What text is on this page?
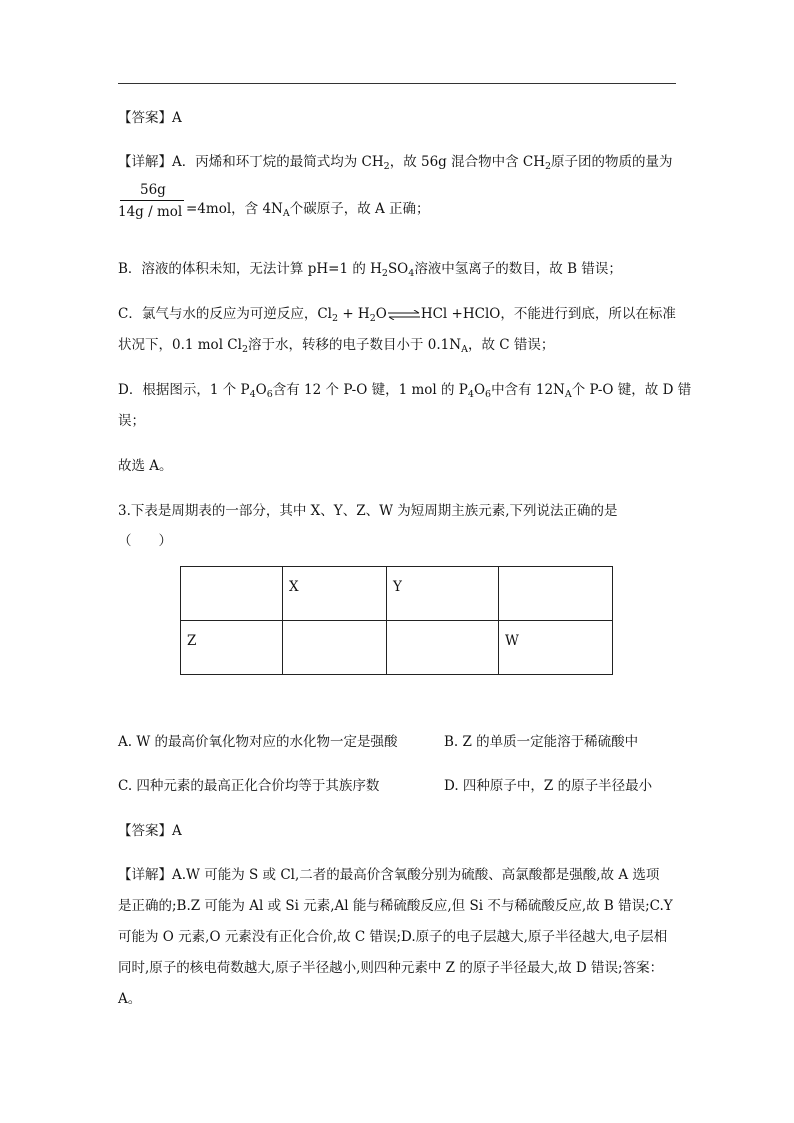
【答案】A
【详解】A．丙烯和环丁烷的最简式均为 $CH_2$，故 56g 混合物中含 $CH_2$原子团的物质的量为
56g
14g / mol =4mol，含 $4N_A$个碳原子，故 A 正确；
B．溶液的体积未知，无法计算 pH=1 的 $H_2SO_4$溶液中氢离子的数目，故 B 错误；
C．氯气与水的反应为可逆反应，$Cl_2$ + $H_2O\rightleftharpoons HCl$ +HClO，不能进行到底，所以在标准
状况下，0.1 mol $Cl_2$溶于水，转移的电子数目小于 $0.1N_A$，故 C 错误；
D．根据图示，1 个 $P_4O_6$含有 12 个 P-O 键，1 mol 的 $P_4O_6$中含有 $12N_A$个 P-O 键，故 D 错
误；
故选 A。
3.下表是周期表的一部分，其中 X、Y、Z、W 为短周期主族元素,下列说法正确的是
（　　）
	X	Y	
Z			W
A. W 的最高价氧化物对应的水化物一定是强酸	B. Z 的单质一定能溶于稀硫酸中
C. 四种元素的最高正化合价均等于其族序数	D. 四种原子中，Z 的原子半径最小
【答案】A
【详解】A.W 可能为 S 或 Cl,二者的最高价含氧酸分别为硫酸、高氯酸都是强酸,故 A 选项
是正确的;B.Z 可能为 Al 或 Si 元素,Al 能与稀硫酸反应,但 Si 不与稀硫酸反应,故 B 错误;C.Y
可能为 O 元素,O 元素没有正化合价,故 C 错误;D.原子的电子层越大,原子半径越大,电子层相
同时,原子的核电荷数越大,原子半径越小,则四种元素中 Z 的原子半径最大,故 D 错误;答案：
A。
